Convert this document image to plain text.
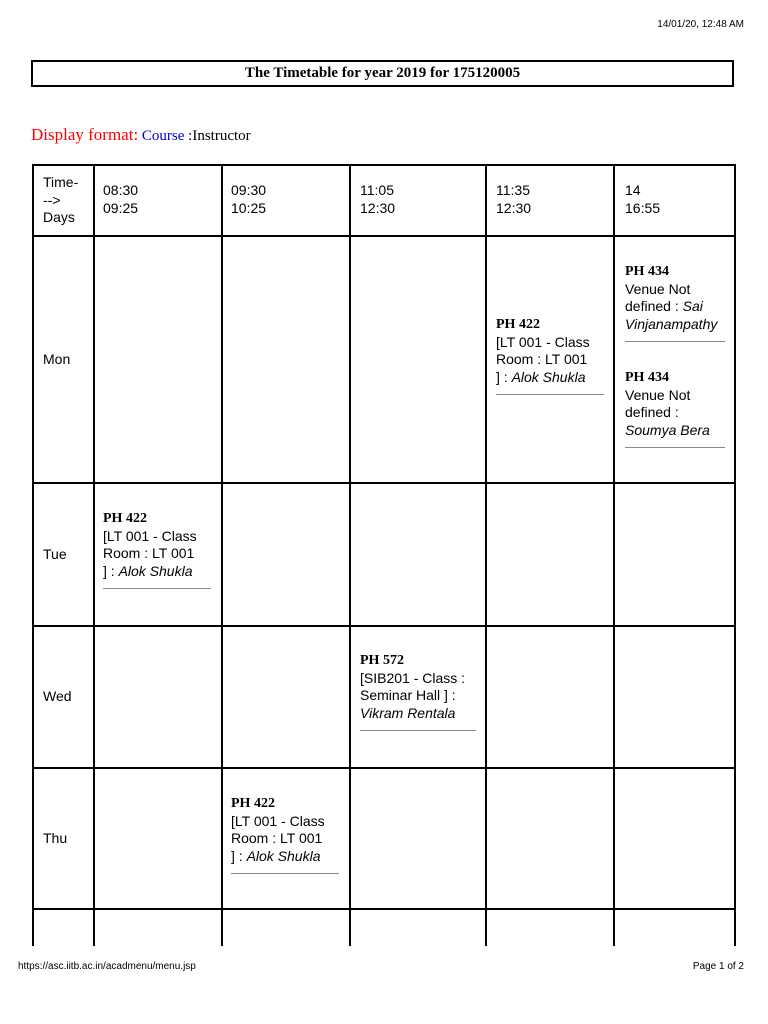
14/01/20, 12:48 AM
The Timetable for year 2019 for 175120005
Display format: Course :Instructor
Time-
-->
Days
08:30
09:25
09:30
10:25
11:05
12:30
11:35
12:30
14
16:55
Mon
Tue
Wed
Thu
PH 422
[LT 001 - Class
Room : LT 001
] : Alok Shukla
PH 434
Venue Not
defined : Sai
Vinjanampathy
PH 434
Venue Not
defined :
Soumya Bera
PH 422
[LT 001 - Class
Room : LT 001
] : Alok Shukla
PH 572
[SIB201 - Class :
Seminar Hall ] :
Vikram Rentala
PH 422
[LT 001 - Class
Room : LT 001
] : Alok Shukla
https://asc.iitb.ac.in/acadmenu/menu.jsp	Page 1 of 2
